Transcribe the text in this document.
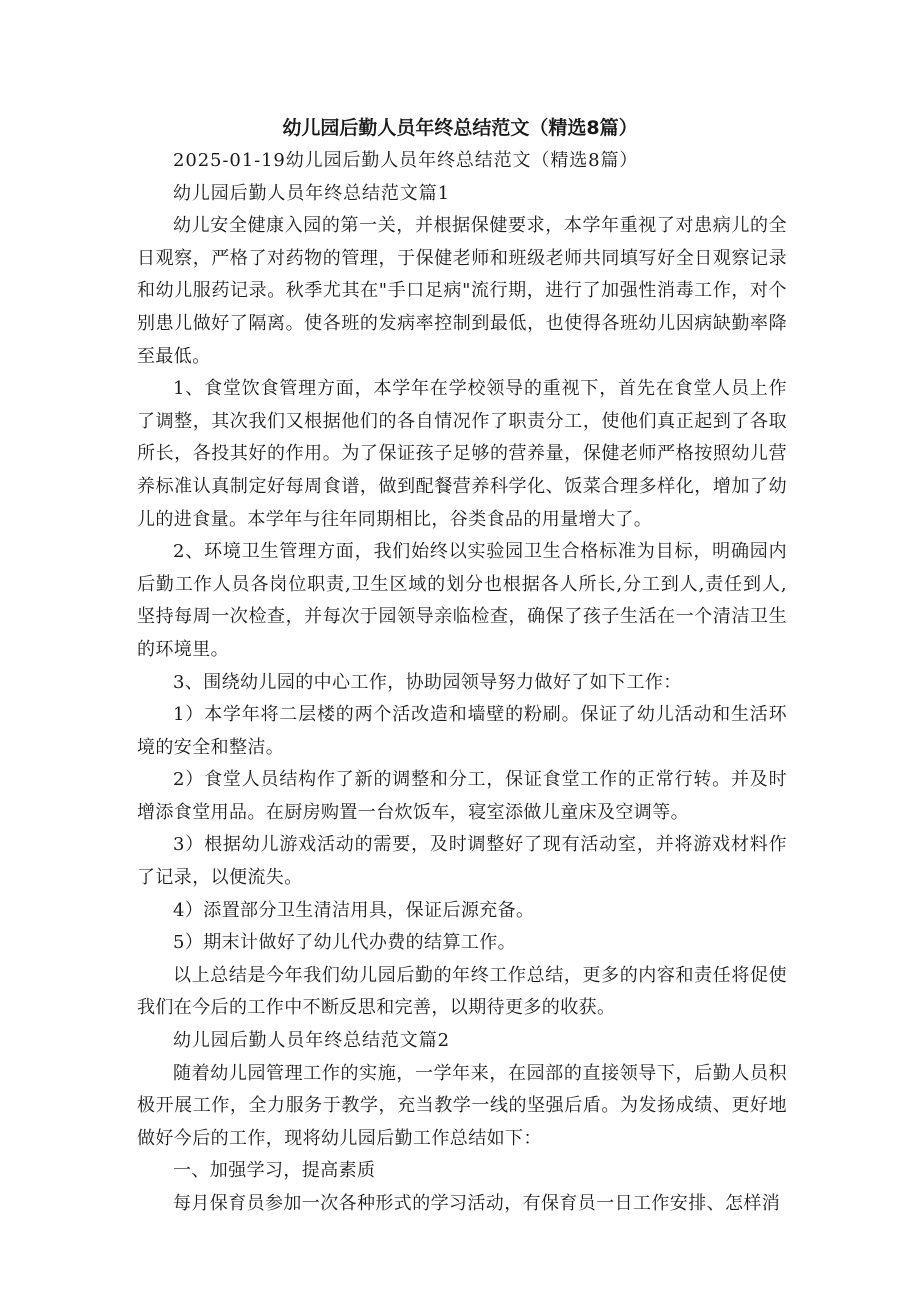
幼儿园后勤人员年终总结范文（精选8篇）

2025-01-19幼儿园后勤人员年终总结范文（精选8篇）

幼儿园后勤人员年终总结范文篇1

幼儿安全健康入园的第一关，并根据保健要求，本学年重视了对患病儿的全日观察，严格了对药物的管理，于保健老师和班级老师共同填写好全日观察记录和幼儿服药记录。秋季尤其在"手口足病"流行期，进行了加强性消毒工作，对个别患儿做好了隔离。使各班的发病率控制到最低，也使得各班幼儿因病缺勤率降至最低。

1、食堂饮食管理方面，本学年在学校领导的重视下，首先在食堂人员上作了调整，其次我们又根据他们的各自情况作了职责分工，使他们真正起到了各取所长，各投其好的作用。为了保证孩子足够的营养量，保健老师严格按照幼儿营养标准认真制定好每周食谱，做到配餐营养科学化、饭菜合理多样化，增加了幼儿的进食量。本学年与往年同期相比，谷类食品的用量增大了。

2、环境卫生管理方面，我们始终以实验园卫生合格标准为目标，明确园内后勤工作人员各岗位职责,卫生区域的划分也根据各人所长,分工到人,责任到人,坚持每周一次检查，并每次于园领导亲临检查，确保了孩子生活在一个清洁卫生的环境里。

3、围绕幼儿园的中心工作，协助园领导努力做好了如下工作：

1）本学年将二层楼的两个活改造和墙壁的粉刷。保证了幼儿活动和生活环境的安全和整洁。

2）食堂人员结构作了新的调整和分工，保证食堂工作的正常行转。并及时增添食堂用品。在厨房购置一台炊饭车，寝室添做儿童床及空调等。

3）根据幼儿游戏活动的需要，及时调整好了现有活动室，并将游戏材料作了记录，以便流失。

4）添置部分卫生清洁用具，保证后源充备。

5）期末计做好了幼儿代办费的结算工作。

以上总结是今年我们幼儿园后勤的年终工作总结，更多的内容和责任将促使我们在今后的工作中不断反思和完善，以期待更多的收获。

幼儿园后勤人员年终总结范文篇2

随着幼儿园管理工作的实施，一学年来，在园部的直接领导下，后勤人员积极开展工作，全力服务于教学，充当教学一线的坚强后盾。为发扬成绩、更好地做好今后的工作，现将幼儿园后勤工作总结如下：

一、加强学习，提高素质

每月保育员参加一次各种形式的学习活动，有保育员一日工作安排、怎样消
